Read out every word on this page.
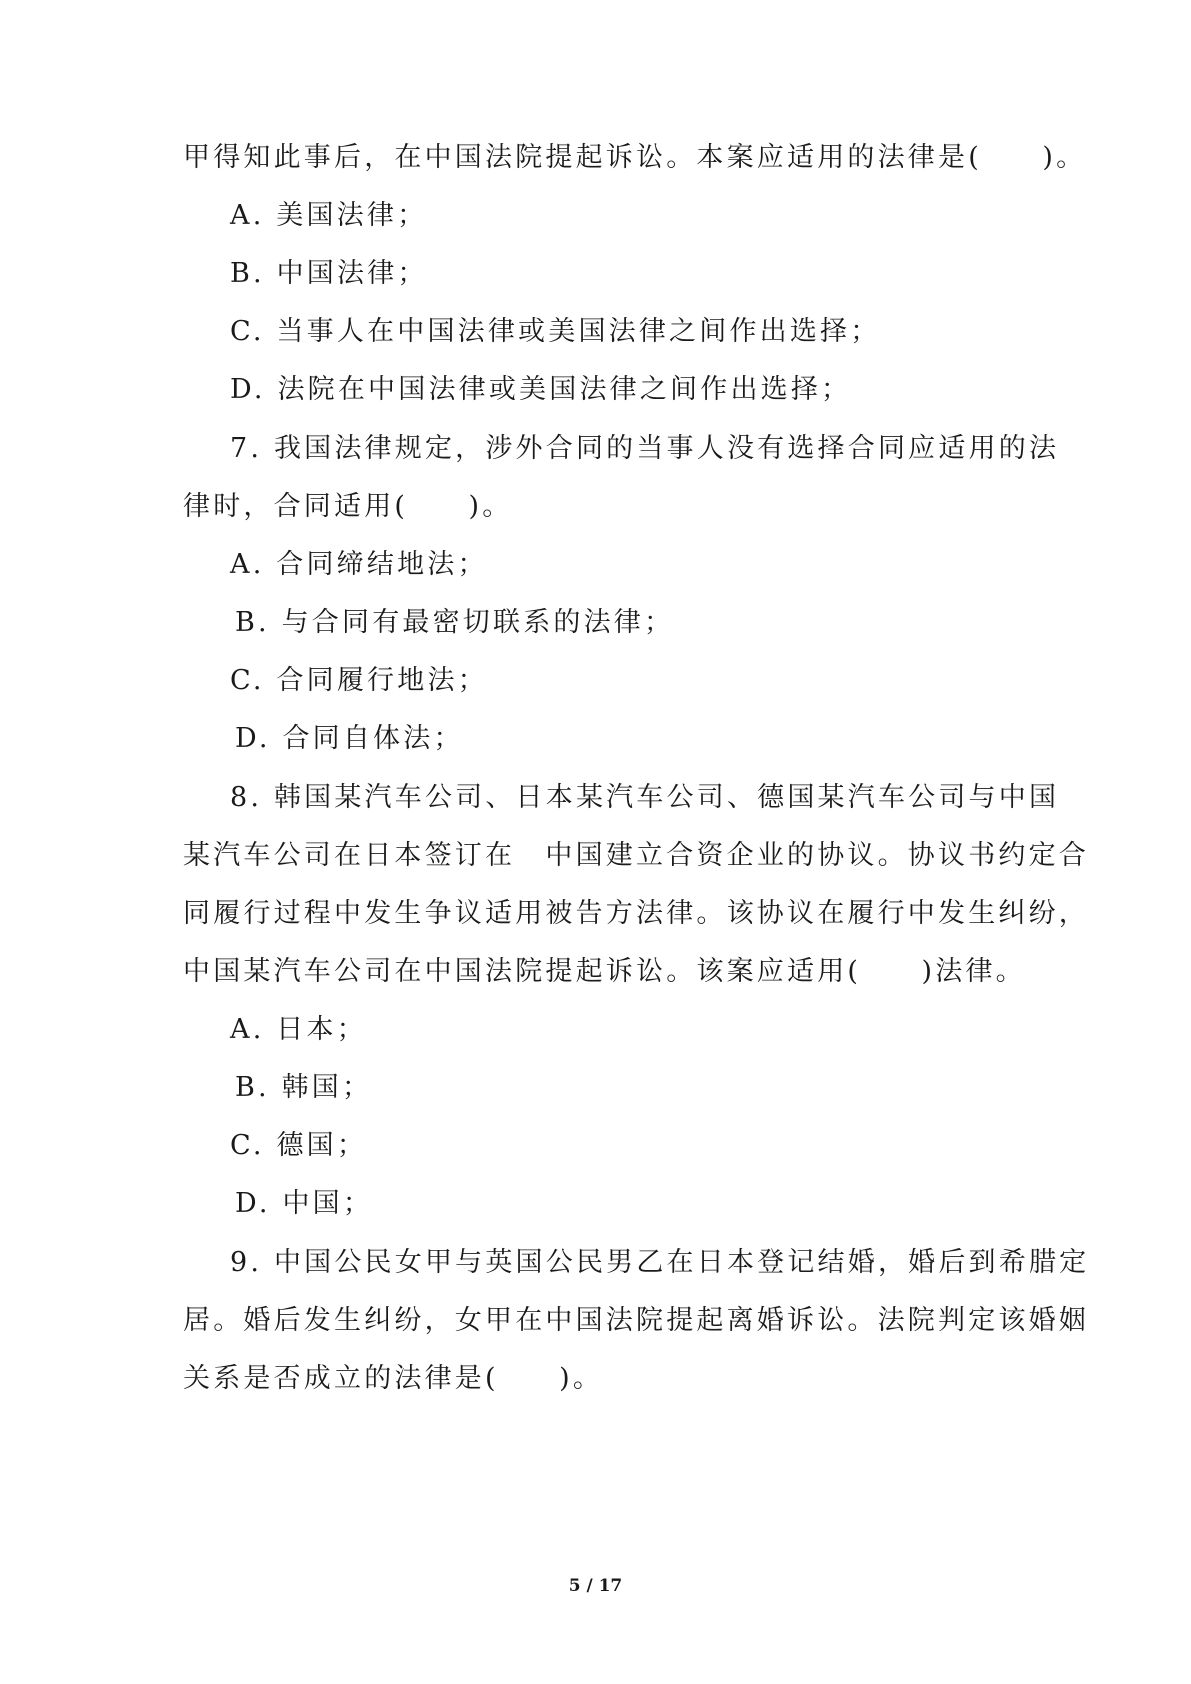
甲得知此事后，在中国法院提起诉讼。本案应适用的法律是(　　)。
A. 美国法律；
B. 中国法律；
C. 当事人在中国法律或美国法律之间作出选择；
D. 法院在中国法律或美国法律之间作出选择；
7. 我国法律规定，涉外合同的当事人没有选择合同应适用的法
律时，合同适用(　　)。
A. 合同缔结地法；
B. 与合同有最密切联系的法律；
C. 合同履行地法；
D. 合同自体法；
8. 韩国某汽车公司、日本某汽车公司、德国某汽车公司与中国
某汽车公司在日本签订在　中国建立合资企业的协议。协议书约定合
同履行过程中发生争议适用被告方法律。该协议在履行中发生纠纷，
中国某汽车公司在中国法院提起诉讼。该案应适用(　　)法律。
A. 日本；
B. 韩国；
C. 德国；
D. 中国；
9. 中国公民女甲与英国公民男乙在日本登记结婚，婚后到希腊定
居。婚后发生纠纷，女甲在中国法院提起离婚诉讼。法院判定该婚姻
关系是否成立的法律是(　　)。
5 / 17
